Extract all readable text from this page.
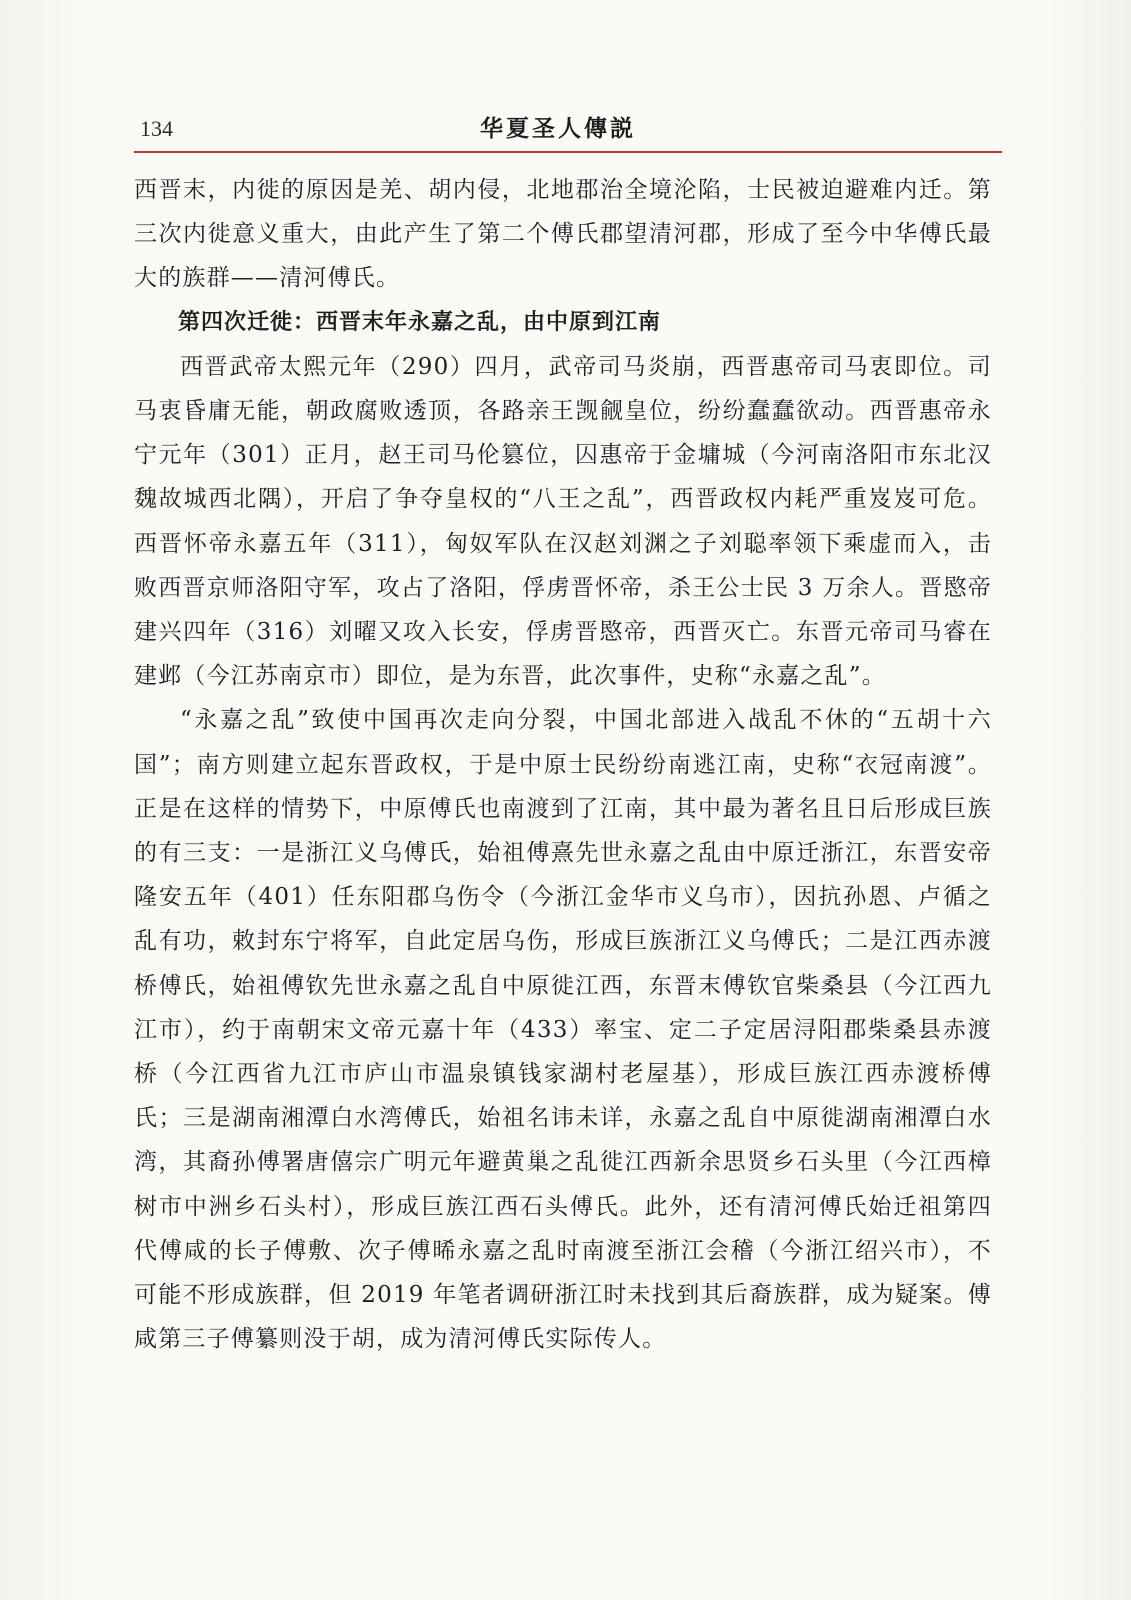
134	华夏圣人傳説

西晋末，内徙的原因是羌、胡内侵，北地郡治全境沦陷，士民被迫避难内迁。第三次内徙意义重大，由此产生了第二个傅氏郡望清河郡，形成了至今中华傅氏最大的族群——清河傅氏。

第四次迁徙：西晋末年永嘉之乱，由中原到江南

西晋武帝太熙元年（290）四月，武帝司马炎崩，西晋惠帝司马衷即位。司马衷昏庸无能，朝政腐败透顶，各路亲王觊觎皇位，纷纷蠢蠢欲动。西晋惠帝永宁元年（301）正月，赵王司马伦篡位，囚惠帝于金墉城（今河南洛阳市东北汉魏故城西北隅），开启了争夺皇权的“八王之乱”，西晋政权内耗严重岌岌可危。西晋怀帝永嘉五年（311），匈奴军队在汉赵刘渊之子刘聪率领下乘虚而入，击败西晋京师洛阳守军，攻占了洛阳，俘虏晋怀帝，杀王公士民 3 万余人。晋愍帝建兴四年（316）刘曜又攻入长安，俘虏晋愍帝，西晋灭亡。东晋元帝司马睿在建邺（今江苏南京市）即位，是为东晋，此次事件，史称“永嘉之乱”。

“永嘉之乱”致使中国再次走向分裂，中国北部进入战乱不休的“五胡十六国”；南方则建立起东晋政权，于是中原士民纷纷南逃江南，史称“衣冠南渡”。正是在这样的情势下，中原傅氏也南渡到了江南，其中最为著名且日后形成巨族的有三支：一是浙江义乌傅氏，始祖傅熹先世永嘉之乱由中原迁浙江，东晋安帝隆安五年（401）任东阳郡乌伤令（今浙江金华市义乌市），因抗孙恩、卢循之乱有功，敕封东宁将军，自此定居乌伤，形成巨族浙江义乌傅氏；二是江西赤渡桥傅氏，始祖傅钦先世永嘉之乱自中原徙江西，东晋末傅钦官柴桑县（今江西九江市），约于南朝宋文帝元嘉十年（433）率宝、定二子定居浔阳郡柴桑县赤渡桥（今江西省九江市庐山市温泉镇钱家湖村老屋基），形成巨族江西赤渡桥傅氏；三是湖南湘潭白水湾傅氏，始祖名讳未详，永嘉之乱自中原徙湖南湘潭白水湾，其裔孙傅署唐僖宗广明元年避黄巢之乱徙江西新余思贤乡石头里（今江西樟树市中洲乡石头村），形成巨族江西石头傅氏。此外，还有清河傅氏始迁祖第四代傅咸的长子傅敷、次子傅晞永嘉之乱时南渡至浙江会稽（今浙江绍兴市），不可能不形成族群，但 2019 年笔者调研浙江时未找到其后裔族群，成为疑案。傅咸第三子傅纂则没于胡，成为清河傅氏实际传人。
